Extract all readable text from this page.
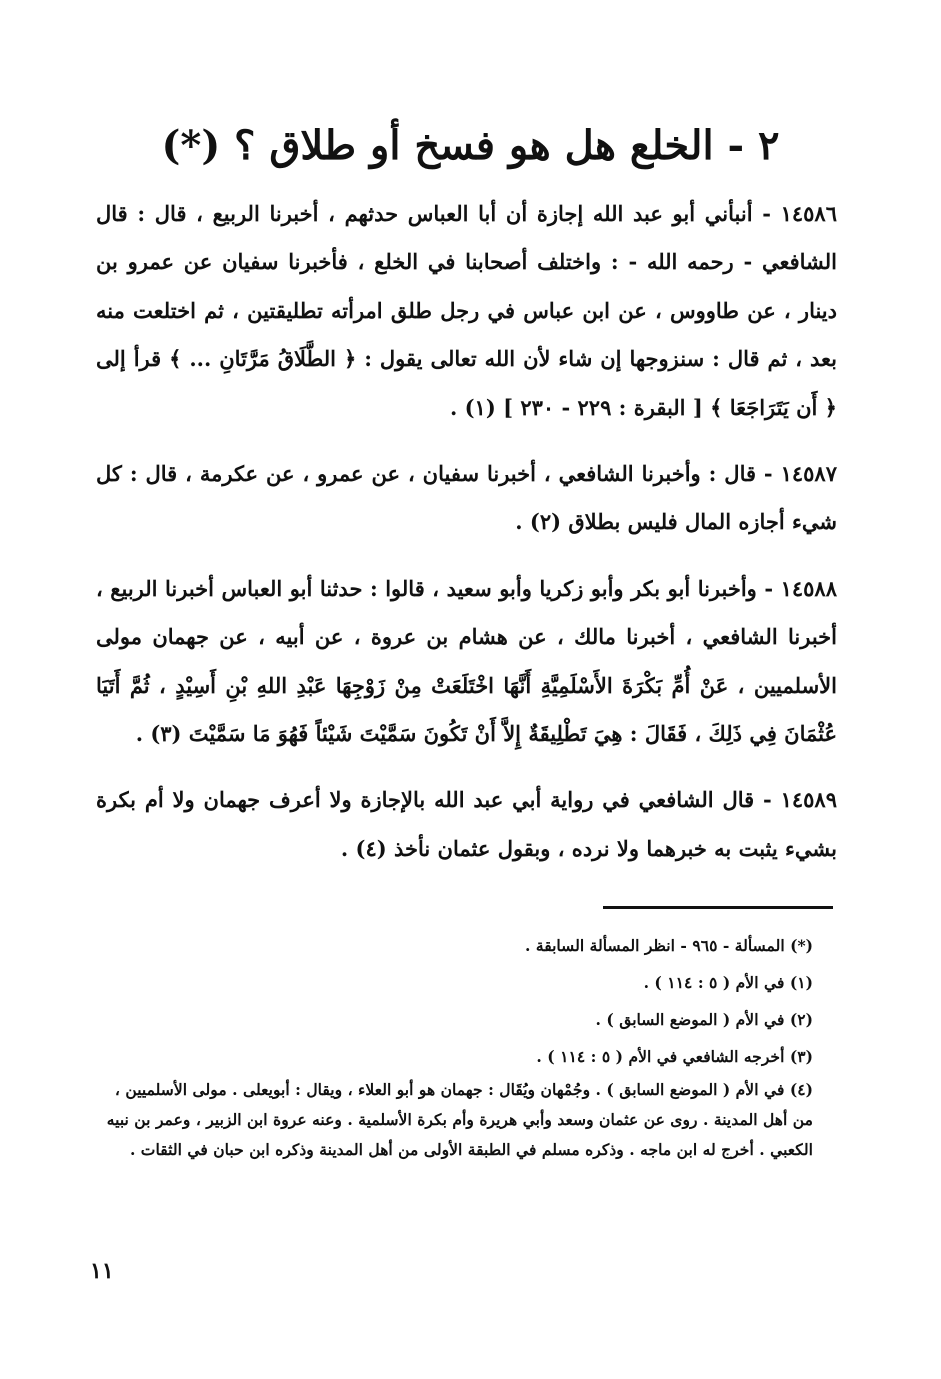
٢ - الخلع هل هو فسخ أو طلاق ؟ (*)

١٤٥٨٦ - أنبأني أبو عبد الله إجازة أن أبا العباس حدثهم ، أخبرنا الربيع ، قال : قال الشافعي - رحمه الله - : واختلف أصحابنا في الخلع ، فأخبرنا سفيان عن عمرو بن دينار ، عن طاووس ، عن ابن عباس في رجل طلق امرأته تطليقتين ، ثم اختلعت منه بعد ، ثم قال : سنزوجها إن شاء لأن الله تعالى يقول : ﴿ الطَّلَاقُ مَرَّتَانِ ... ﴾ قرأ إلى ﴿ أَن يَتَرَاجَعَا ﴾ [ البقرة : ٢٢٩ - ٢٣٠ ] (١) .

١٤٥٨٧ - قال : وأخبرنا الشافعي ، أخبرنا سفيان ، عن عمرو ، عن عكرمة ، قال : كل شيء أجازه المال فليس بطلاق (٢) .

١٤٥٨٨ - وأخبرنا أبو بكر وأبو زكريا وأبو سعيد ، قالوا : حدثنا أبو العباس أخبرنا الربيع ، أخبرنا الشافعي ، أخبرنا مالك ، عن هشام بن عروة ، عن أبيه ، عن جهمان مولى الأسلميين ، عَنْ أُمِّ بَكْرَةَ الأَسْلَمِيَّةِ أَنَّهَا اخْتَلَعَتْ مِنْ زَوْجِهَا عَبْدِ اللهِ بْنِ أَسِيْدٍ ، ثُمَّ أَتَيَا عُثْمَانَ فِي ذَلِكَ ، فَقَالَ : هِيَ تَطْلِيقَةٌ إِلاَّ أَنْ تَكُونَ سَمَّيْتَ شَيْئاً فَهُوَ مَا سَمَّيْتَ (٣) .

١٤٥٨٩ - قال الشافعي في رواية أبي عبد الله بالإجازة ولا أعرف جهمان ولا أم بكرة بشيء يثبت به خبرهما ولا نرده ، وبقول عثمان نأخذ (٤) .

(*) المسألة - ٩٦٥ - انظر المسألة السابقة .

(١) في الأم ( ٥ : ١١٤ ) .

(٢) في الأم ( الموضع السابق ) .

(٣) أخرجه الشافعي في الأم ( ٥ : ١١٤ ) .

(٤) في الأم ( الموضع السابق ) . وجُمْهان ويُقَال : جهمان هو أبو العلاء ، ويقال : أبويعلى . مولى الأسلميين ، من أهل المدينة . روى عن عثمان وسعد وأبي هريرة وأم بكرة الأسلمية . وعنه عروة ابن الزبير ، وعمر بن نبيه الكعبي . أخرج له ابن ماجه . وذكره مسلم في الطبقة الأولى من أهل المدينة وذكره ابن حبان في الثقات .

١١
